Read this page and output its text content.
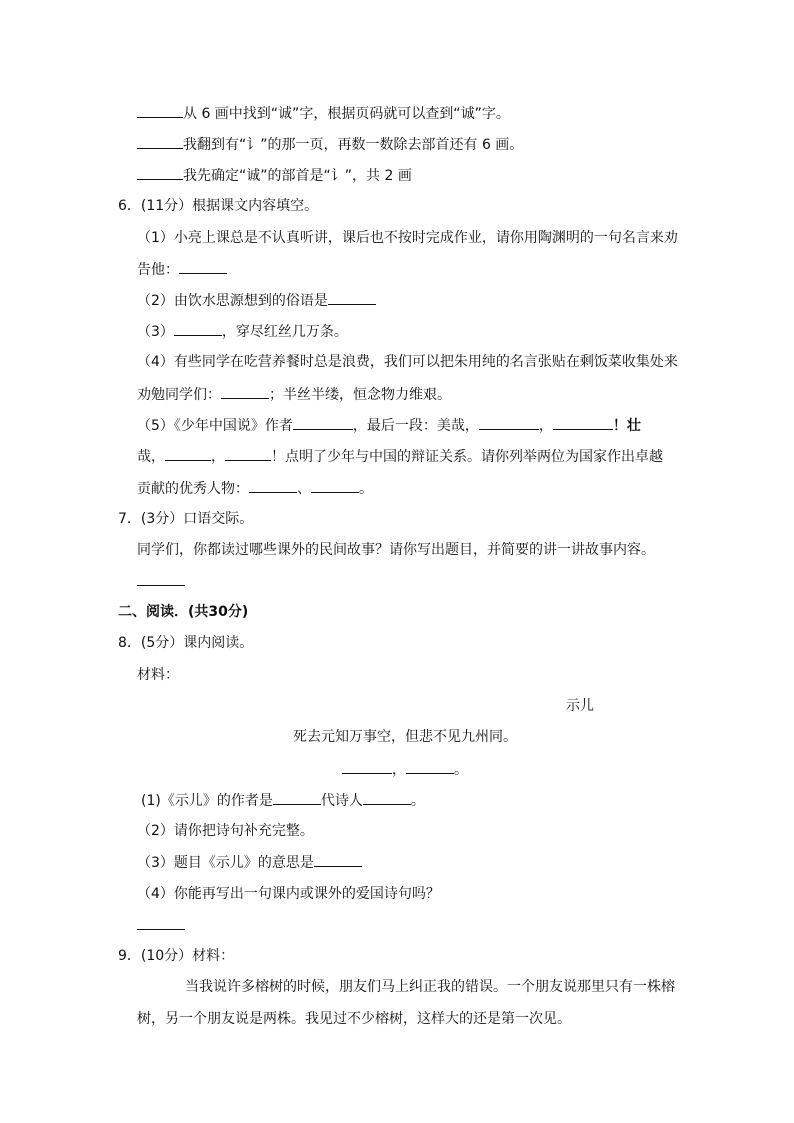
从 6 画中找到“诚”字，根据页码就可以查到“诚”字。
我翻到有“讠”的那一页，再数一数除去部首还有 6 画。
我先确定“诚”的部首是“讠”，共 2 画
6．(11分）根据课文内容填空。
（1）小亮上课总是不认真听讲，课后也不按时完成作业，请你用陶渊明的一句名言来劝
告他：
（2）由饮水思源想到的俗语是
（3）	，穿尽红丝几万条。
（4）有些同学在吃营养餐时总是浪费，我们可以把朱用纯的名言张贴在剩饭菜收集处来
劝勉同学们：	；半丝半缕，恒念物力维艰。
（5）《少年中国说》作者	，最后一段：美哉，	，	！壮
哉，	，	！点明了少年与中国的辩证关系。请你列举两位为国家作出卓越
贡献的优秀人物：	、	。
7．(3分）口语交际。
同学们，你都读过哪些课外的民间故事？请你写出题目，并简要的讲一讲故事内容。
二、阅读．(共30分)
8．(5分）课内阅读。
材料：
示儿
死去元知万事空，但悲不见九州同。
，	。
(1)《示儿》的作者是	代诗人	。
（2）请你把诗句补充完整。
（3）题目《示儿》的意思是
（4）你能再写出一句课内或课外的爱国诗句吗？
9．(10分）材料：
当我说许多榕树的时候，朋友们马上纠正我的错误。一个朋友说那里只有一株榕
树，另一个朋友说是两株。我见过不少榕树，这样大的还是第一次见。
